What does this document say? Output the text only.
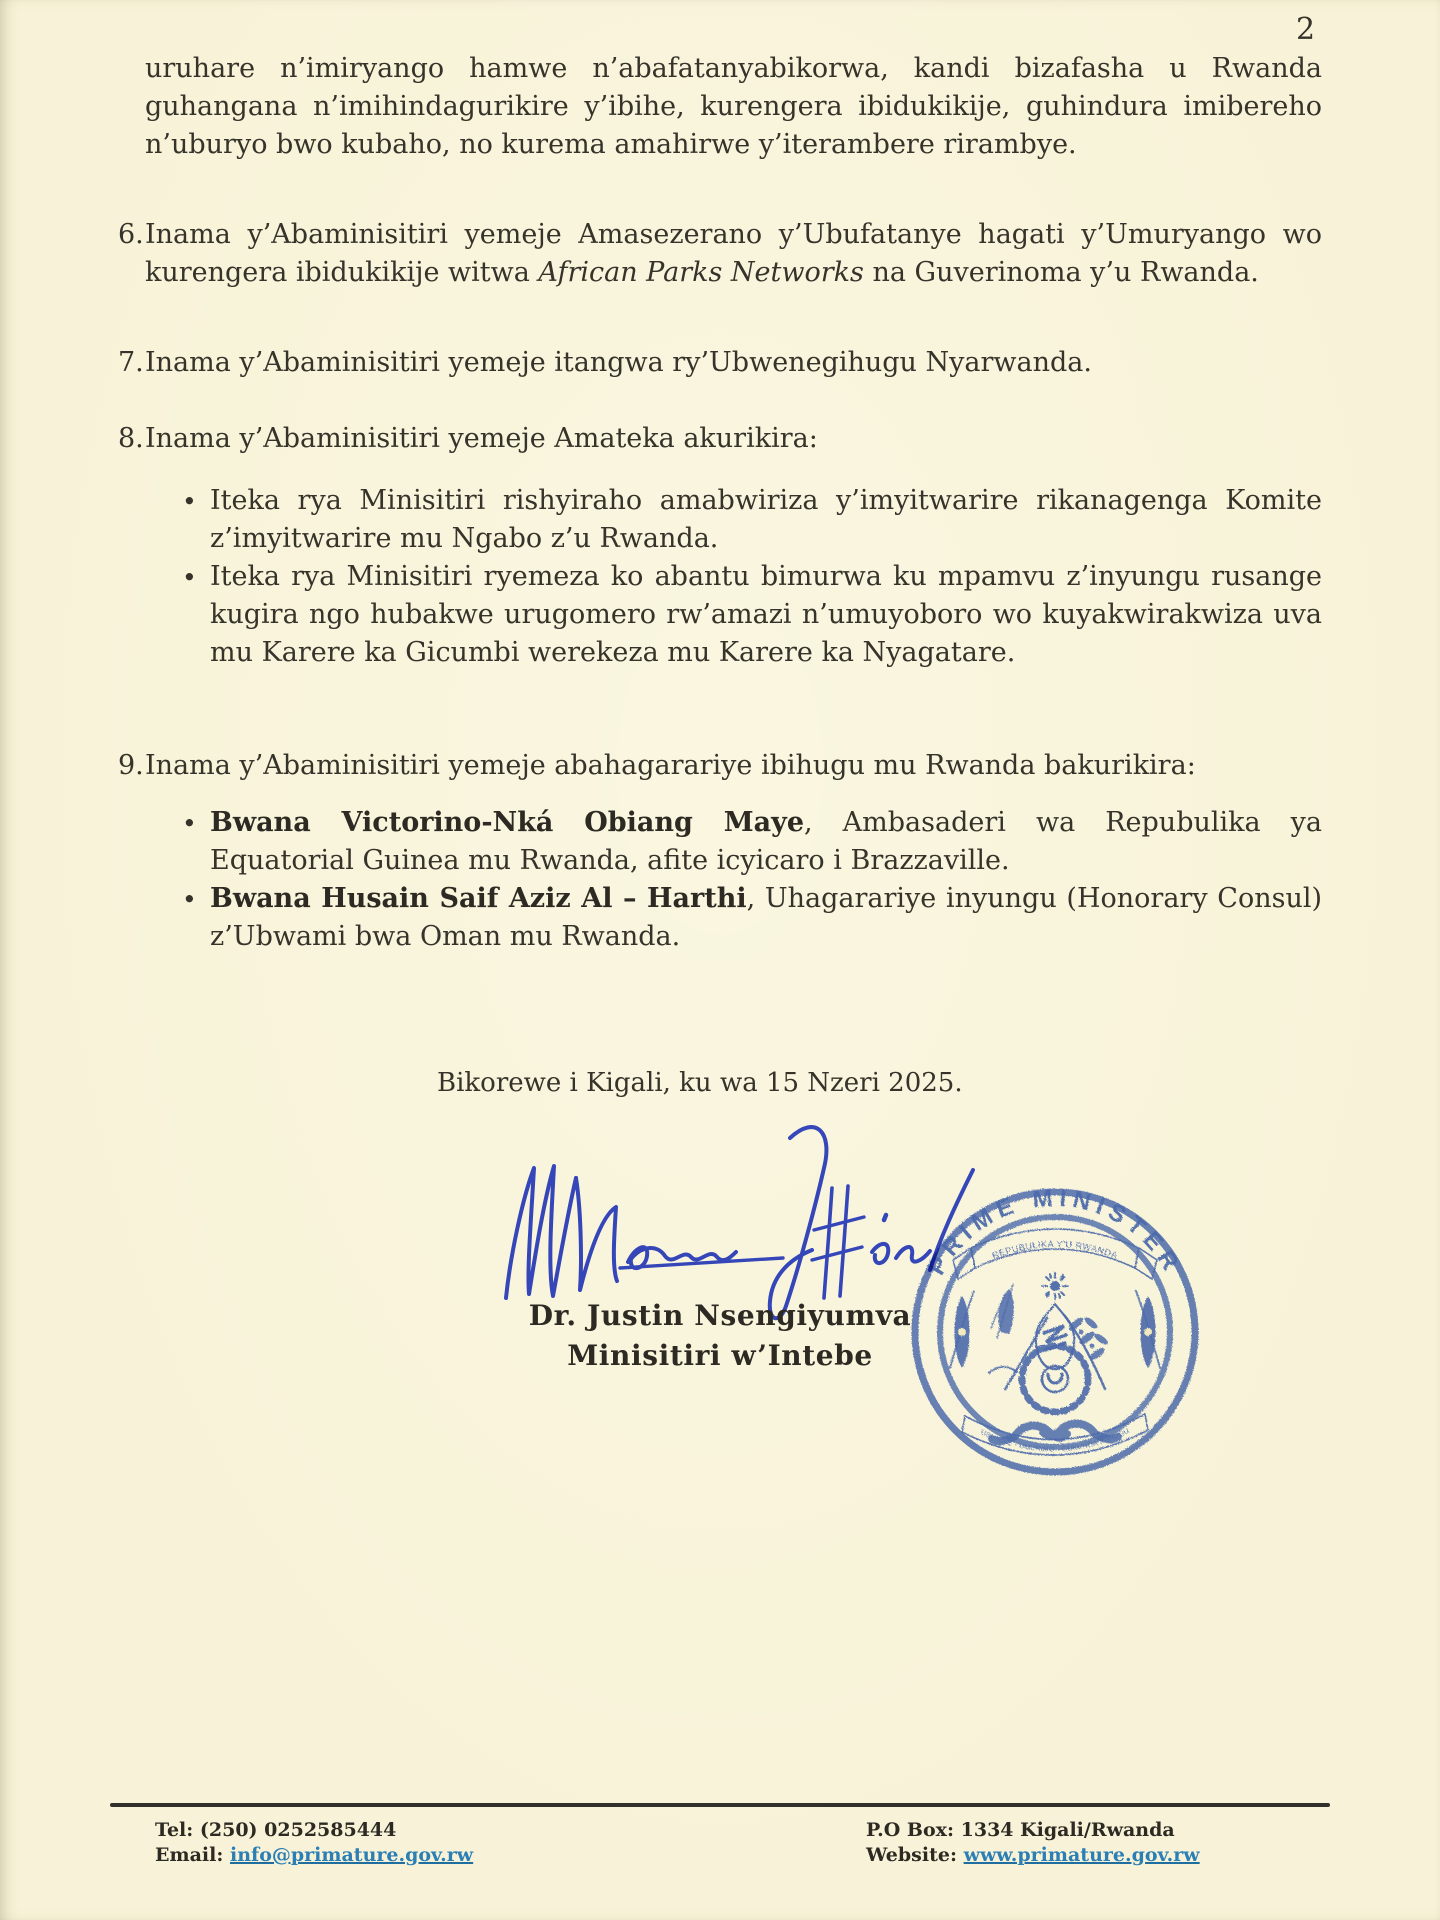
2
uruhare n’imiryango hamwe n’abafatanyabikorwa, kandi bizafasha u Rwanda guhangana n’imihindagurikire y’ibihe, kurengera ibidukikije, guhindura imibereho n’uburyo bwo kubaho, no kurema amahirwe y’iterambere rirambye.
6. Inama y’Abaminisitiri yemeje Amasezerano y’Ubufatanye hagati y’Umuryango wo kurengera ibidukikije witwa African Parks Networks na Guverinoma y’u Rwanda.
7. Inama y’Abaminisitiri yemeje itangwa ry’Ubwenegihugu Nyarwanda.
8. Inama y’Abaminisitiri yemeje Amateka akurikira:
• Iteka rya Minisitiri rishyiraho amabwiriza y’imyitwarire rikanagenga Komite z’imyitwarire mu Ngabo z’u Rwanda.
• Iteka rya Minisitiri ryemeza ko abantu bimurwa ku mpamvu z’inyungu rusange kugira ngo hubakwe urugomero rw’amazi n’umuyoboro wo kuyakwirakwiza uva mu Karere ka Gicumbi werekeza mu Karere ka Nyagatare.
9. Inama y’Abaminisitiri yemeje abahagarariye ibihugu mu Rwanda bakurikira:
• Bwana Victorino-Nká Obiang Maye, Ambasaderi wa Repubulika ya Equatorial Guinea mu Rwanda, afite icyicaro i Brazzaville.
• Bwana Husain Saif Aziz Al – Harthi, Uhagarariye inyungu (Honorary Consul) z’Ubwami bwa Oman mu Rwanda.
Bikorewe i Kigali, ku wa 15 Nzeri 2025.
Dr. Justin Nsengiyumva
Minisitiri w’Intebe
PRIME MINISTER
REPUBULIKA Y'U RWANDA
UBUMWE - UMURIMO - GUKUNDA IGIHUGU
Tel: (250) 0252585444
Email: info@primature.gov.rw
P.O Box: 1334 Kigali/Rwanda
Website: www.primature.gov.rw
